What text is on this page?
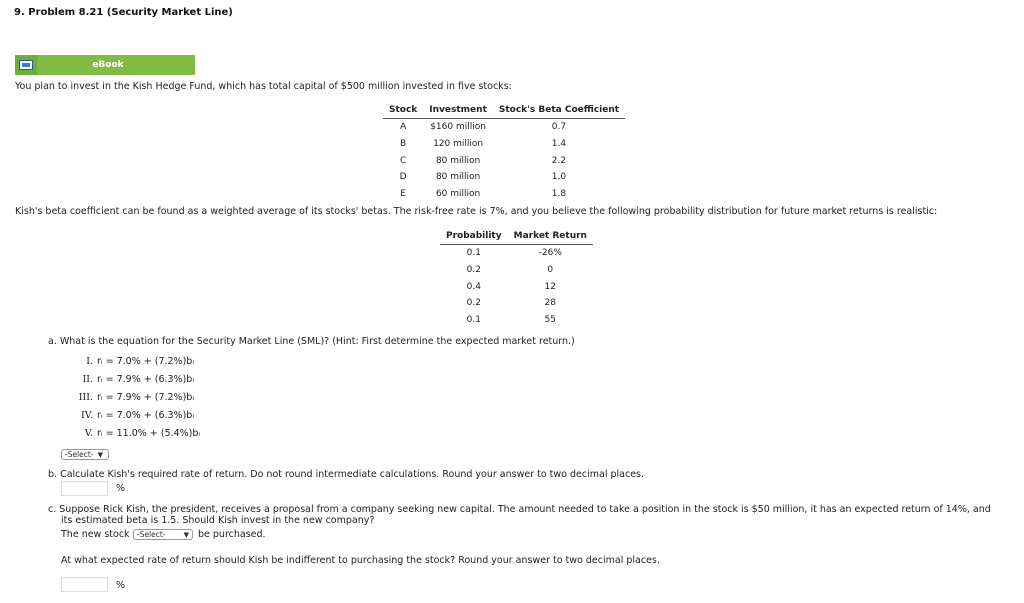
9. Problem 8.21 (Security Market Line)
eBook
You plan to invest in the Kish Hedge Fund, which has total capital of $500 million invested in five stocks:
Stock	Investment	Stock's Beta Coefficient
A	$160 million	0.7
B	120 million	1.4
C	80 million	2.2
D	80 million	1.0
E	60 million	1.8
Kish's beta coefficient can be found as a weighted average of its stocks' betas. The risk-free rate is 7%, and you believe the following probability distribution for future market returns is realistic:
Probability	Market Return
0.1	-26%
0.2	0
0.4	12
0.2	28
0.1	55
a. What is the equation for the Security Market Line (SML)? (Hint: First determine the expected market return.)
I. rᵢ = 7.0% + (7.2%)bᵢ
II. rᵢ = 7.9% + (6.3%)bᵢ
III. rᵢ = 7.9% + (7.2%)bᵢ
IV. rᵢ = 7.0% + (6.3%)bᵢ
V. rᵢ = 11.0% + (5.4%)bᵢ
-Select- ▼
b. Calculate Kish's required rate of return. Do not round intermediate calculations. Round your answer to two decimal places.
%
c. Suppose Rick Kish, the president, receives a proposal from a company seeking new capital. The amount needed to take a position in the stock is $50 million, it has an expected return of 14%, and
its estimated beta is 1.5. Should Kish invest in the new company?
The new stock -Select-	▼ be purchased.
At what expected rate of return should Kish be indifferent to purchasing the stock? Round your answer to two decimal places.
%
